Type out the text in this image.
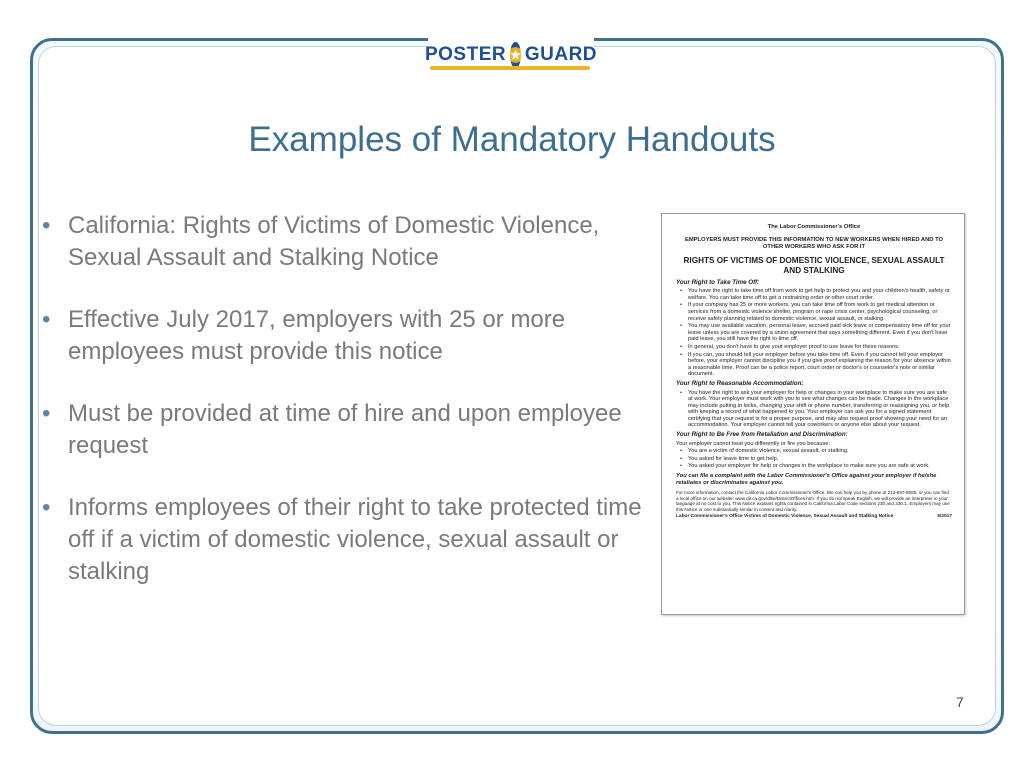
POSTER ★ GUARD
Examples of Mandatory Handouts
• California: Rights of Victims of Domestic Violence, Sexual Assault and Stalking Notice
• Effective July 2017, employers with 25 or more employees must provide this notice
• Must be provided at time of hire and upon employee request
• Informs employees of their right to take protected time off if a victim of domestic violence, sexual assault or stalking
The Labor Commissioner's Office
EMPLOYERS MUST PROVIDE THIS INFORMATION TO NEW WORKERS WHEN HIRED AND TO OTHER WORKERS WHO ASK FOR IT
RIGHTS OF VICTIMS OF DOMESTIC VIOLENCE, SEXUAL ASSAULT AND STALKING
Your Right to Take Time Off:
• You have the right to take time off from work to get help to protect you and your children's health, safety or welfare. You can take time off to get a restraining order or other court order.
• If your company has 25 or more workers, you can take time off from work to get medical attention or services from a domestic violence shelter, program or rape crisis center, psychological counseling, or receive safety planning related to domestic violence, sexual assault, or stalking.
• You may use available vacation, personal leave, accrued paid sick leave or compensatory time off for your leave unless you are covered by a union agreement that says something different. Even if you don't have paid leave, you still have the right to time off.
• In general, you don't have to give your employer proof to use leave for these reasons.
• If you can, you should tell your employer before you take time off. Even if you cannot tell your employer before, your employer cannot discipline you if you give proof explaining the reason for your absence within a reasonable time. Proof can be a police report, court order or doctor's or counselor's note or similar document.
Your Right to Reasonable Accommodation:
• You have the right to ask your employer for help or changes in your workplace to make sure you are safe at work. Your employer must work with you to see what changes can be made. Changes in the workplace may include putting in locks, changing your shift or phone number, transferring or reassigning you, or help with keeping a record of what happened to you. Your employer can ask you for a signed statement certifying that your request is for a proper purpose, and may also request proof showing your need for an accommodation. Your employer cannot tell your coworkers or anyone else about your request.
Your Right to Be Free from Retaliation and Discrimination:
Your employer cannot treat you differently or fire you because:
• You are a victim of domestic violence, sexual assault, or stalking.
• You asked for leave time to get help.
• You asked your employer for help or changes in the workplace to make sure you are safe at work.
You can file a complaint with the Labor Commissioner's Office against your employer if he/she retaliates or discriminates against you.
For more information, contact the California Labor Commissioner's Office. We can help you by phone at 213-897-6585, or you can find a local office on our website: www.dir.ca.gov/dlse/DistrictOffices.htm. If you do not speak English, we will provide an interpreter in your language at no cost to you. This Notice explains rights contained in California Labor Code sections 230 and 230.1. Employers may use this Notice or one substantially similar in content and clarity.
Labor Commissioner's Office Victims of Domestic Violence, Sexual Assault and Stalking Notice	5/2017
7
